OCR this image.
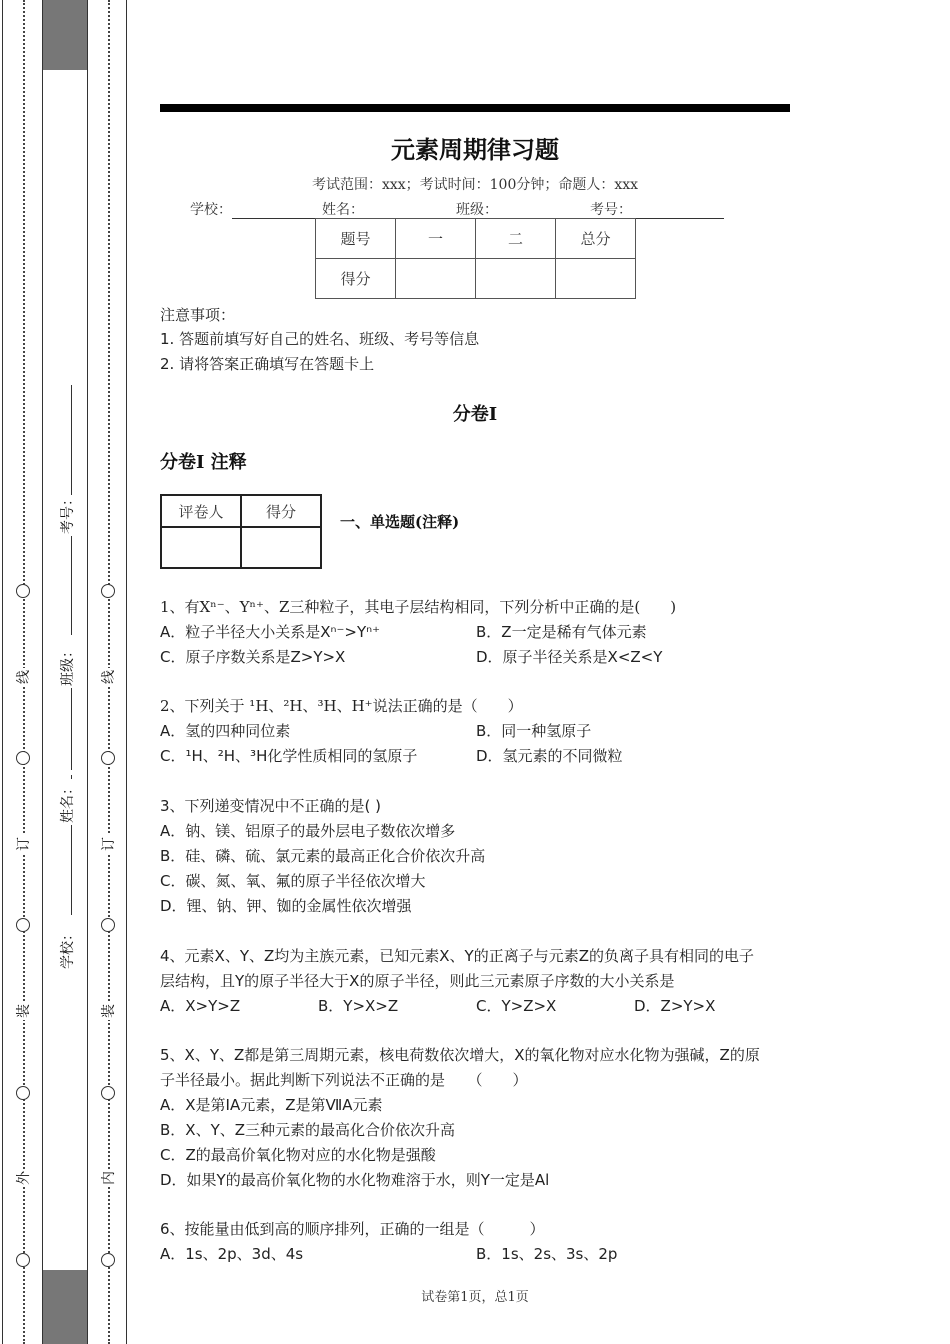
线
订
装
外
线
订
装
内
学校：
姓名：
班级：
考号：
元素周期律习题
考试范围：xxx；考试时间：100分钟；命题人：xxx
学校：	姓名：	班级：	考号：
题号	一	二	总分
得分			
注意事项：
1. 答题前填写好自己的姓名、班级、考号等信息
2. 请将答案正确填写在答题卡上
分卷I
分卷I 注释
评卷人	得分

一、单选题(注释)
1、有Xⁿ⁻、Yⁿ⁺、Z三种粒子，其电子层结构相同，下列分析中正确的是(　　)
A．粒子半径大小关系是Xⁿ⁻>Yⁿ⁺	B．Z一定是稀有气体元素
C．原子序数关系是Z>Y>X	D．原子半径关系是X<Z<Y
2、下列关于 ¹H、²H、³H、H⁺说法正确的是（　　）
A．氢的四种同位素	B．同一种氢原子
C．¹H、²H、³H化学性质相同的氢原子	D．氢元素的不同微粒
3、下列递变情况中不正确的是( )
A．钠、镁、铝原子的最外层电子数依次增多
B．硅、磷、硫、氯元素的最高正化合价依次升高
C．碳、氮、氧、氟的原子半径依次增大
D．锂、钠、钾、铷的金属性依次增强
4、元素X、Y、Z均为主族元素，已知元素X、Y的正离子与元素Z的负离子具有相同的电子
层结构，且Y的原子半径大于X的原子半径，则此三元素原子序数的大小关系是
A．X>Y>Z	B．Y>X>Z	C．Y>Z>X	D．Z>Y>X
5、X、Y、Z都是第三周期元素，核电荷数依次增大，X的氧化物对应水化物为强碱，Z的原
子半径最小。据此判断下列说法不正确的是　　（　　）
A．X是第ⅠA元素，Z是第ⅦA元素
B．X、Y、Z三种元素的最高化合价依次升高
C．Z的最高价氧化物对应的水化物是强酸
D．如果Y的最高价氧化物的水化物难溶于水，则Y一定是Al
6、按能量由低到高的顺序排列，正确的一组是（　　　）
A．1s、2p、3d、4s	B．1s、2s、3s、2p
试卷第1页，总1页
